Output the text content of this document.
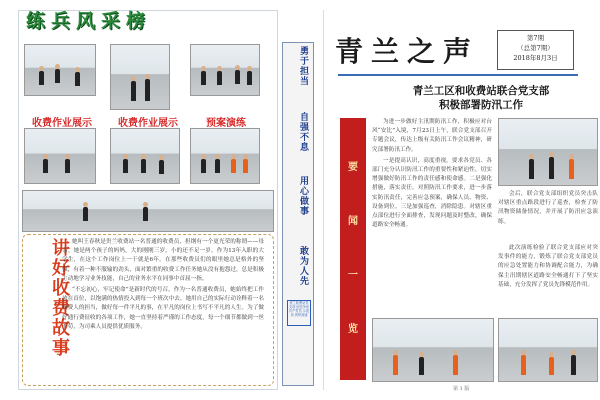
练兵风采榜
收费作业展示	收费作业展示	预案演练
讲好收费故事 她叫王春秋是贵兰收费站一名普通的收费员，担纲有一个更光荣的称谓——母亲。她是两个孩子的妈妈，大的刚刚三岁，小的还不足一岁。作为13年入职的大学生，在这个工作岗位上一干就是6年。在那些收费员们的眼里她总是格外的坚强，有着一种不服输的劲头，面对繁重的收费工作任务她从没有抱怨过，总是积极主动地学习业务技能，自己的业务水平在同事中首屈一指。

“不忘初心，牢记使命”是新时代的号召，作为一名普通收费员，她始终把工作放在首位，以饱满的热情投入到每一个班次中去。她用自己的实际行动诠释着一名收费人的担当，做好每一件平凡的事，在平凡的岗位上书写不平凡的人生。为了做好通行费征收的各项工作，她一直坚持着严谨的工作态度，每一个细节都做到一丝不苟，为司乘人员提供优质服务。

勇于担当
自强不息
用心做事
敢为人先
贵兰收费站党支部 创先争优 共产党员 示范岗 贵州高速
青兰之声	第7期
（总第7期）
2018年8月3日
青兰工区和收费站联合党支部
积极部署防汛工作
要
闻
一
览

为进一步做好主汛期防汛工作，积极应对台风“安比”入境，7月23日上午，联合党支部召开专题会议，传达上级有关防汛工作会议精神，研究部署防汛工作。

一是提高认识，高度重视。要求各党员、各部门充分认识防汛工作的重要性和紧迫性，切实增强做好防汛工作的责任感和使命感。二是强化措施，落实责任。对照防汛工作要求，进一步落实防汛责任，完善应急预案，确保人员、物资、设备到位。三是加强巡查，消除隐患。对辖区重点部位进行全面排查，发现问题及时整改，确保道路安全畅通。

会后，联合党支部组织党员突击队对辖区重点路段进行了巡查，检查了防汛物资储备情况，并开展了防汛应急演练。

此次演练检验了联合党支部应对突发事件的能力，锻炼了联合党支部党员的应急处置能力和协调配合能力，为确保主汛期辖区道路安全畅通打下了坚实基础，充分发挥了党员先锋模范作用。

第 1 版
